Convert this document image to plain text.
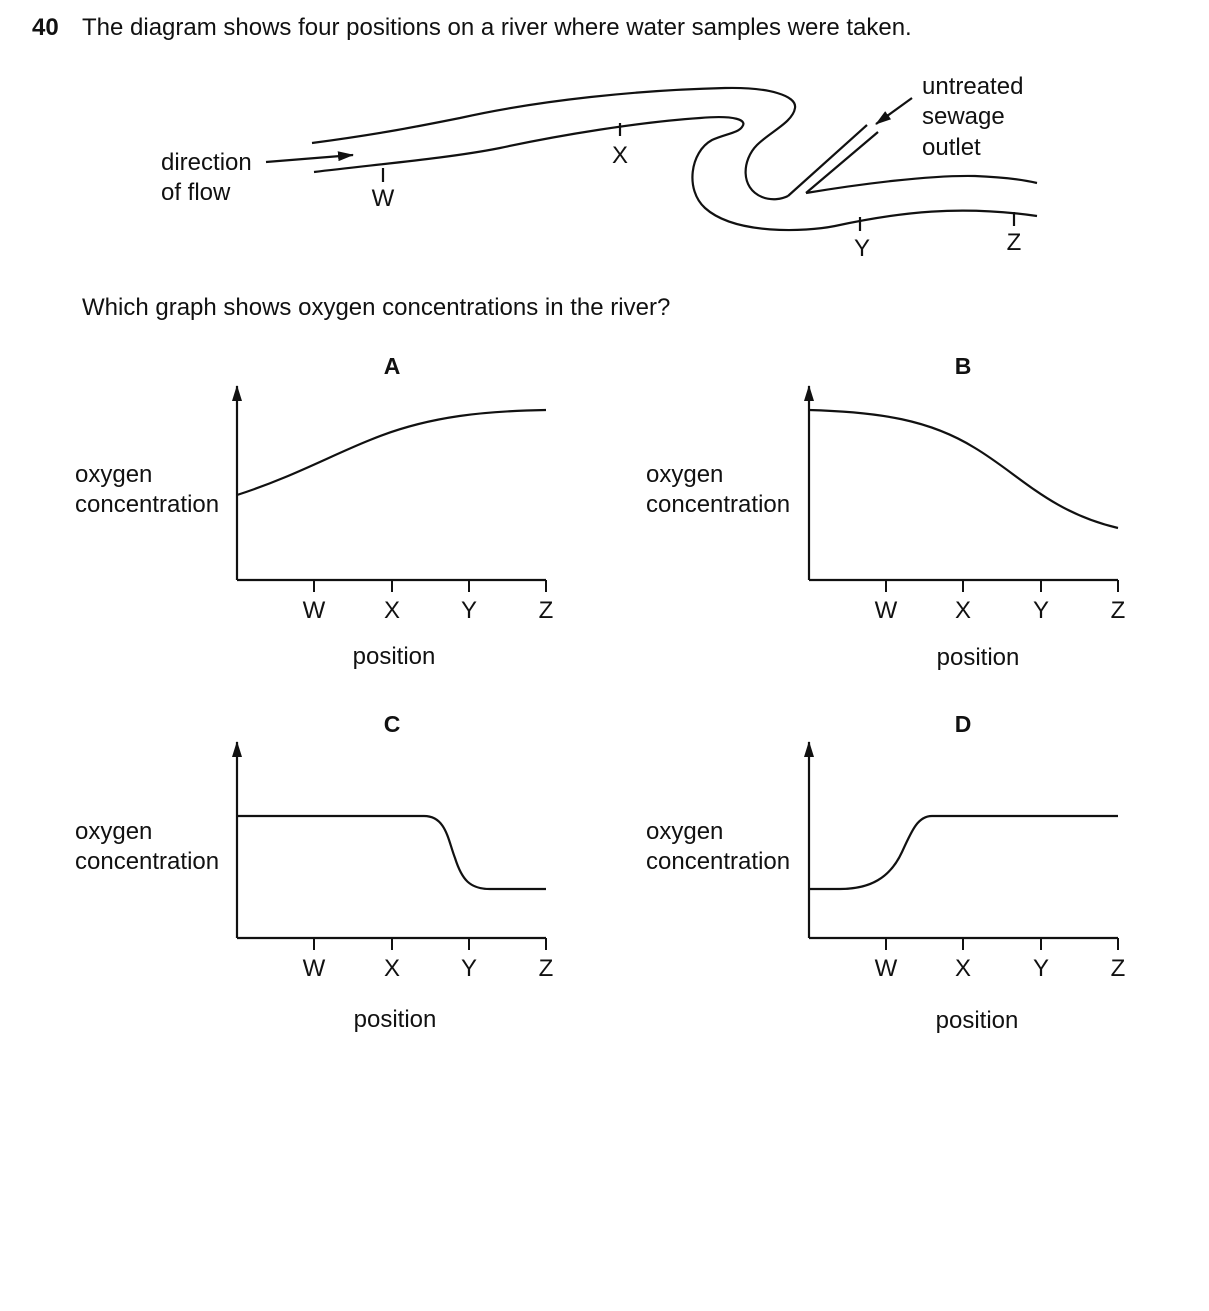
40 The diagram shows four positions on a river where water samples were taken.
Which graph shows oxygen concentrations in the river?
direction
of flow
untreated
sewage
outlet
W
X
Y	Z
A
oxygen
concentration
W X	Y	Z
position
B
oxygen
concentration
W X	Y	Z
position
C
oxygen
concentration
W X	Y	Z
position
D
oxygen
concentration
W X	Y	Z
position
